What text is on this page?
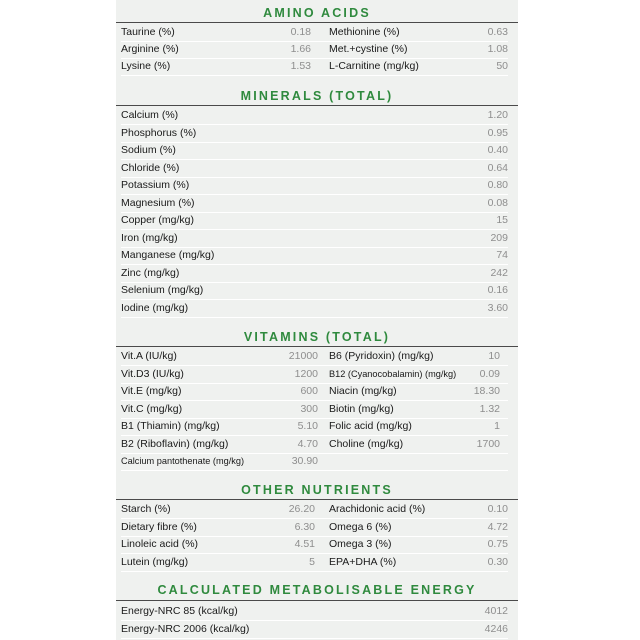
AMINO ACIDS
Taurine (%)	0.18 Methionine (%)	0.63
Arginine (%)	1.66 Met.+cystine (%)	1.08
Lysine (%)	1.53 L-Carnitine (mg/kg)	50
MINERALS (TOTAL)
Calcium (%)	1.20
Phosphorus (%)	0.95
Sodium (%)	0.40
Chloride (%)	0.64
Potassium (%)	0.80
Magnesium (%)	0.08
Copper (mg/kg)	15
Iron (mg/kg)	209
Manganese (mg/kg)	74
Zinc (mg/kg)	242
Selenium (mg/kg)	0.16
Iodine (mg/kg)	3.60
VITAMINS (TOTAL)
Vit.A (IU/kg)	21000 B6 (Pyridoxin) (mg/kg)	10
Vit.D3 (IU/kg)	1200 B12 (Cyanocobalamin) (mg/kg) 0.09
Vit.E (mg/kg)	600 Niacin (mg/kg)	18.30
Vit.C (mg/kg)	300 Biotin (mg/kg)	1.32
B1 (Thiamin) (mg/kg)	5.10 Folic acid (mg/kg)	1
B2 (Riboflavin) (mg/kg)	4.70 Choline (mg/kg)	1700
Calcium pantothenate (mg/kg)	30.90
OTHER NUTRIENTS
Starch (%)	26.20 Arachidonic acid (%)	0.10
Dietary fibre (%)	6.30 Omega 6 (%)	4.72
Linoleic acid (%)	4.51 Omega 3 (%)	0.75
Lutein (mg/kg)	5 EPA+DHA (%)	0.30
CALCULATED METABOLISABLE ENERGY
Energy-NRC 85 (kcal/kg)	4012
Energy-NRC 2006 (kcal/kg)	4246
